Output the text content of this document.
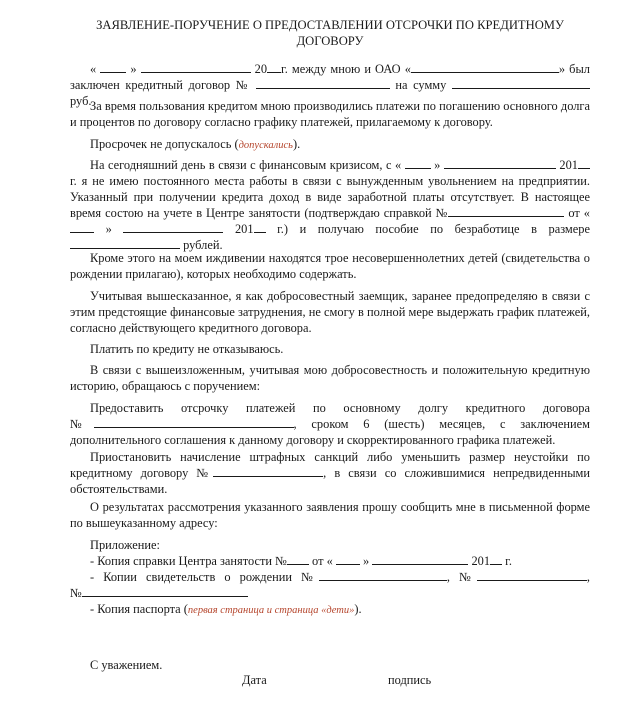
ЗАЯВЛЕНИЕ-ПОРУЧЕНИЕ О ПРЕДОСТАВЛЕНИИ ОТСРОЧКИ ПО КРЕДИТНОМУ
ДОГОВОРУ

«	»	20 г. между мною и ОАО «	» был

заключен кредитный договор №	на сумму  руб.

За время пользования кредитом мною производились платежи по погашению основного долга и процентов по договору согласно графику платежей, прилагаемому к договору.

Просрочек не допускалось (допускались).

На сегодняшний день в связи с финансовым кризисом, с «	»	201

г. я не имею постоянного места работы в связи с вынужденным увольнением на предприятии. Указанный при получении кредита доход в виде заработной платы отсутствует. В настоящее время состою на учете в Центре занятости (подтверждаю справкой №	от «  »	201 г.) и получаю пособие по безработице в размере  рублей.

Кроме этого на моем иждивении находятся трое несовершеннолетних детей (свидетельства о рождении прилагаю), которых необходимо содержать.

Учитывая вышесказанное, я как добросовестный заемщик, заранее предопределяю в связи с этим предстоящие финансовые затруднения, не смогу в полной мере выдержать график платежей, согласно действующего кредитного договора.

Платить по кредиту не отказываюсь.

В связи с вышеизложенным, учитывая мою добросовестность и положительную кредитную историю, обращаюсь с поручением:

Предоставить отсрочку платежей по основному долгу кредитного договора

№	, сроком 6 (шесть) месяцев, с заключением

дополнительного соглашения к данному договору и скорректированного графика платежей.

Приостановить начисление штрафных санкций либо уменьшить размер неустойки по

кредитному договору №	, в связи со сложившимися непредвиденными

обстоятельствами.

О результатах рассмотрения указанного заявления прошу сообщить мне в письменной форме по вышеуказанному адресу:

Приложение:

- Копия справки Центра занятости № от « »	201 г.

- Копии свидетельств о рождении №	, №	,

№

- Копия паспорта (первая страница и страница «дети»).

С уважением.
Дата	подпись
